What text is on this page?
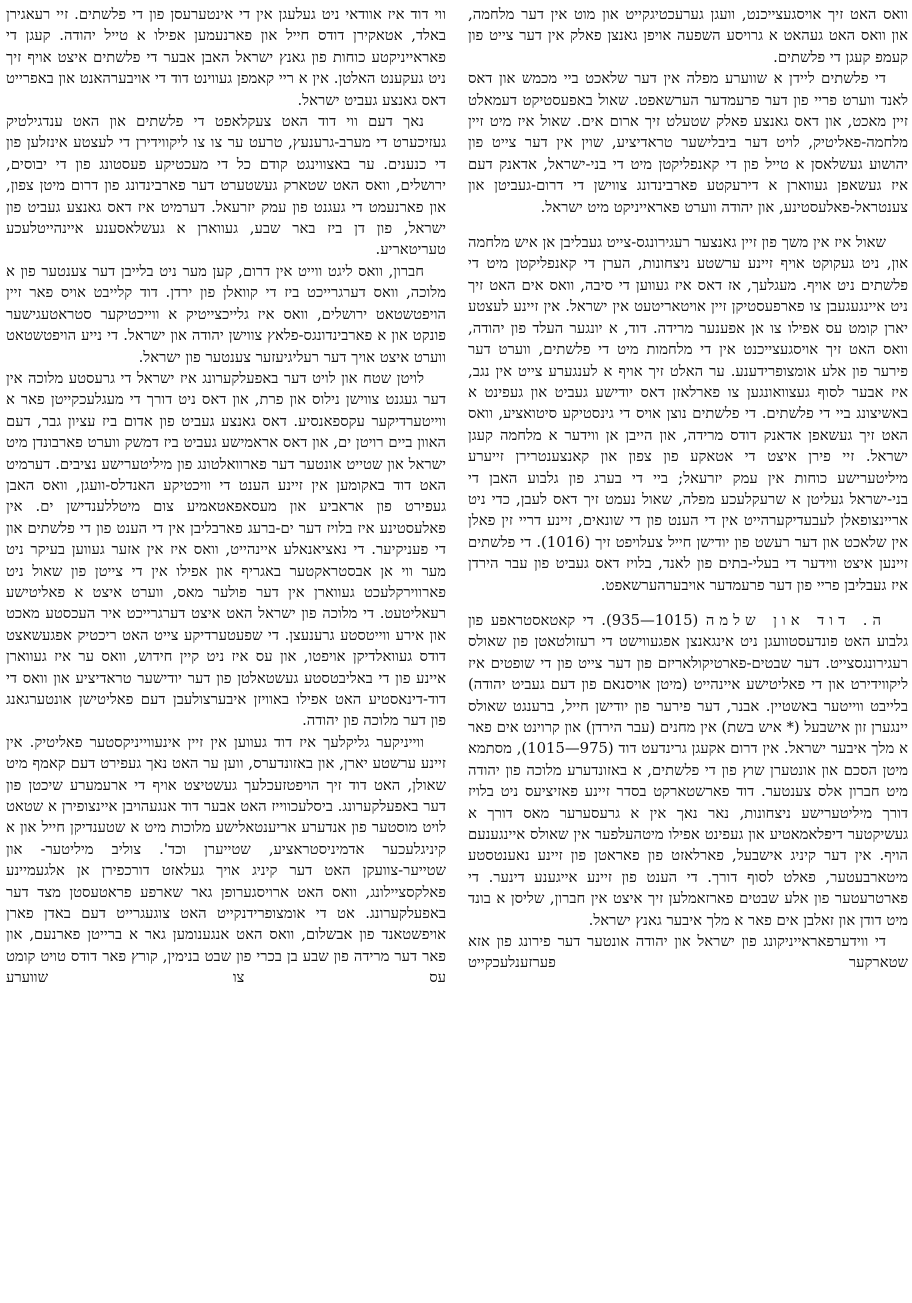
וואס האט זיך אויסגעצייכנט, וועגן גערעכטיגקייט און מוט אין דער מלחמה, און וואס האט געהאט א גרויסע השפעה אויפן גאנצן פאלק אין דער צייט פון קעמפ קעגן די פלשתים.

די פלשתים ליידן א שווערע מפלה אין דער שלאכט ביי מכמש און דאס לאנד ווערט פריי פון דער פרעמדער הערשאפט. שאול באפעסטיקט דעמאלט זיין מאכט, און דאס גאנצע פאלק שטעלט זיך ארום אים. שאול איז מיט זיין מלחמה-פאליטיק, לויט דער ביבלישער טראדיציע, שוין אין דער צייט פון יהושוע געשלאסן א טייל פון די קאנפליקטן מיט די בני-ישראל, אדאנק דעם איז געשאפן געווארן א דירעקטע פארבינדונג צווישן די דרום-געביטן און צענטראל-פאלעסטינע, און יהודה ווערט פאראייניקט מיט ישראל.

שאול איז אין משך פון זיין גאנצער רעגירונגס-צייט געבליבן אן איש מלחמה און, ניט געקוקט אויף זיינע ערשטע ניצחונות, הערן די קאנפליקטן מיט די פלשתים ניט אויף. מעגלעך, אז דאס איז געווען די סיבה, וואס אים האט זיך ניט איינגעגעבן צו פארפעסטיקן זיין אויטאריטעט אין ישראל. אין זיינע לעצטע יארן קומט עס אפילו צו אן אפענער מרידה. דוד, א יונגער העלד פון יהודה, וואס האט זיך אויסגעצייכנט אין די מלחמות מיט די פלשתים, ווערט דער פירער פון אלע אומצופרידענע. ער האלט זיך אויף א לענגערע צייט אין נגב, איז אבער לסוף געצוואונגען צו פארלאזן דאס יודישע געביט און געפינט א באשיצונג ביי די פלשתים. די פלשתים נוצן אויס די גינסטיקע סיטואציע, וואס האט זיך געשאפן אדאנק דודס מרידה, און הייבן אן ווידער א מלחמה קעגן ישראל. זיי פירן איצט די אטאקע פון צפון און קאנצענטרירן זייערע מיליטערישע כוחות אין עמק יזרעאל; ביי די בערג פון גלבוע האבן די בני-ישראל געליטן א שרעקלעכע מפלה, שאול נעמט זיך דאס לעבן, כדי ניט אריינצופאלן לעבעדיקערהייט אין די הענט פון די שונאים, זיינע דריי זין פאלן אין שלאכט און דער רעשט פון יודישן חייל צעלויפט זיך (1016). די פלשתים זיינען איצט ווידער די בעלי-בתים פון לאנד, בלויז דאס געביט פון עבר הירדן איז געבליבן פריי פון דער פרעמדער אויבערהערשאפט.

ה. דוד און שלמה (1015—935). די קאטאסטראפע פון גלבוע האט פונדעסטוועגן ניט אינגאנצן אפגעווישט די רעזולטאטן פון שאולס רעגירונגסצייט. דער שבטים-פארטיקולאריזם פון דער צייט פון די שופטים איז ליקווידירט און די פאליטישע איינהייט (מיטן אויסנאם פון דעם געביט יהודה) בלייבט ווייטער באשטיין. אבנר, דער פירער פון יודישן חייל, ברענגט שאולס יינגערן זון אישבעל (* איש בשת) אין מחנים (עבר הירדן) און קרוינט אים פאר א מלך איבער ישראל. אין דרום אקעגן גרינדעט דוד (975—1015), מסתמא מיטן הסכם און אונטערן שוץ פון די פלשתים, א באזונדערע מלוכה פון יהודה מיט חברון אלס צענטער. דוד פארשטארקט בסדר זיינע פאזיציעס ניט בלויז דורך מיליטערישע ניצחונות, נאר נאך אין א גרעסערער מאס דורך א געשיקטער דיפלאמאטיע און געפינט אפילו מיטהעלפער אין שאולס איינגענעם הויף. אין דער קיניג אישבעל, פארלאזט פון פאראטן פון זיינע נאענטסטע מיטארבעטער, פאלט לסוף דורך. די הענט פון זיינע אייגענע דינער. די פארטרעטער פון אלע שבטים פארזאמלען זיך איצט אין חברון, שליסן א בונד מיט דודן און זאלבן אים פאר א מלך איבער גאנץ ישראל.

די ווידערפאראייניקונג פון ישראל און יהודה אונטער דער פירונג פון אזא שטארקער פערזענלעכקייט

ווי דוד איז אוודאי ניט געלעגן אין די אינטערעסן פון די פלשתים. זיי רעאגירן באלד, אטאקירן דודס חייל און פארנעמען אפילו א טייל יהודה. קעגן די פאראייניקטע כוחות פון גאנץ ישראל האבן אבער די פלשתים איצט אויף זיך ניט געקענט האלטן. אין א ריי קאמפן געווינט דוד די אויבערהאנט און באפרייט דאס גאנצע געביט ישראל.

נאך דעם ווי דוד האט צעקלאפט די פלשתים און האט ענדגילטיק געזיכערט די מערב-גרענעץ, טרעט ער צו צו ליקווידירן די לעצטע אינזלען פון די כנענים. ער באצווינגט קודם כל די מעכטיקע פעסטונג פון די יבוסים, ירושלים, וואס האט שטארק געשטערט דער פארבינדונג פון דרום מיטן צפון, און פארנעמט די געגנט פון עמק יזרעאל. דערמיט איז דאס גאנצע געביט פון ישראל, פון דן ביז באר שבע, געווארן א געשלאסענע איינהייטלעכע טעריטאריע.

חברון, וואס ליגט ווייט אין דרום, קען מער ניט בלייבן דער צענטער פון א מלוכה, וואס דערגרייכט ביז די קוואלן פון ירדן. דוד קלייבט אויס פאר זיין הויפטשטאט ירושלים, וואס איז גלייכצייטיק א ווייכטיקער סטראטעגישער פונקט און א פארבינדונגס-פלאץ צווישן יהודה און ישראל. די נייע הויפטשטאט ווערט איצט אויך דער רעליגיעזער צענטער פון ישראל.

לויטן שטח און לויט דער באפעלקערונג איז ישראל די גרעסטע מלוכה אין דער געגנט צווישן נילוס און פרת, און דאס ניט דורך די מעגלעכקייטן פאר א ווייטערדיקער עקספאנסיע. דאס גאנצע געביט פון אדום ביז עציון גבר, דעם האוון ביים רויטן ים, און דאס אראמישע געביט ביז דמשק ווערט פארבונדן מיט ישראל און שטייט אונטער דער פארוואלטונג פון מיליטערישע נציבים. דערמיט האט דוד באקומען אין זיינע הענט די וויכטיקע האנדלס-וועגן, וואס האבן געפירט פון אראביע און מעסאפאטאמיע צום מיטללענדישן ים. אין פאלעסטינע איז בלויז דער ים-ברעג פארבליבן אין די הענט פון די פלשתים און די פעניקיער. די נאציאנאלע איינהייט, וואס איז אין אזער געווען בעיקר ניט מער ווי אן אבסטראקטער באגריף און אפילו אין די צייטן פון שאול ניט פארווירקלעכט געווארן אין דער פולער מאס, ווערט איצט א פאליטישע רעאליטעט. די מלוכה פון ישראל האט איצט דערגרייכט איר העכסטע מאכט און אירע ווייטסטע גרענעצן. די שפעטערדיקע צייט האט ריכטיק אפגעשאצט דודס געוואלדיקן אויפטו, און עס איז ניט קיין חידוש, וואס ער איז געווארן איינע פון די באליבטסטע געשטאלטן פון דער יודישער טראדיציע און וואס די דוד-דינאסטיע האט אפילו באוויזן איבערצולעבן דעם פאליטישן אונטערגאנג פון דער מלוכה פון יהודה.

ווייניקער גליקלעך איז דוד געווען אין זיין אינעווייניקסטער פאליטיק. אין זיינע ערשטע יארן, און באזונדערס, ווען ער האט נאך געפירט דעם קאמף מיט שאולן, האט דוד זיך הויפטזעכלעך געשטיצט אויף די ארעמערע שיכטן פון דער באפעלקערונג. ביסלעכווייז האט אבער דוד אנגעהויבן איינצופירן א שטאט לויט מוסטער פון אנדערע אריענטאלישע מלוכות מיט א שטענדיקן חייל און א קיניגלעכער אדמיניסטראציע, שטייערן וכד'. צוליב מיליטער- און שטייער-צוועקן האט דער קיניג אויך געלאזט דורכפירן אן אלגעמיינע פאלקסציילונג, וואס האט ארויסגערופן גאר שארפע פראטעסטן מצד דער באפעלקערונג. אט די אומצופרידנקייט האט צוגעגרייט דעם באדן פארן אויפשטאנד פון אבשלום, וואס האט אנגענומען גאר א ברייטן פארנעם, און פאר דער מרידה פון שבע בן בכרי פון שבט בנימין, קורץ פאר דודס טויט קומט עס צו שווערע
